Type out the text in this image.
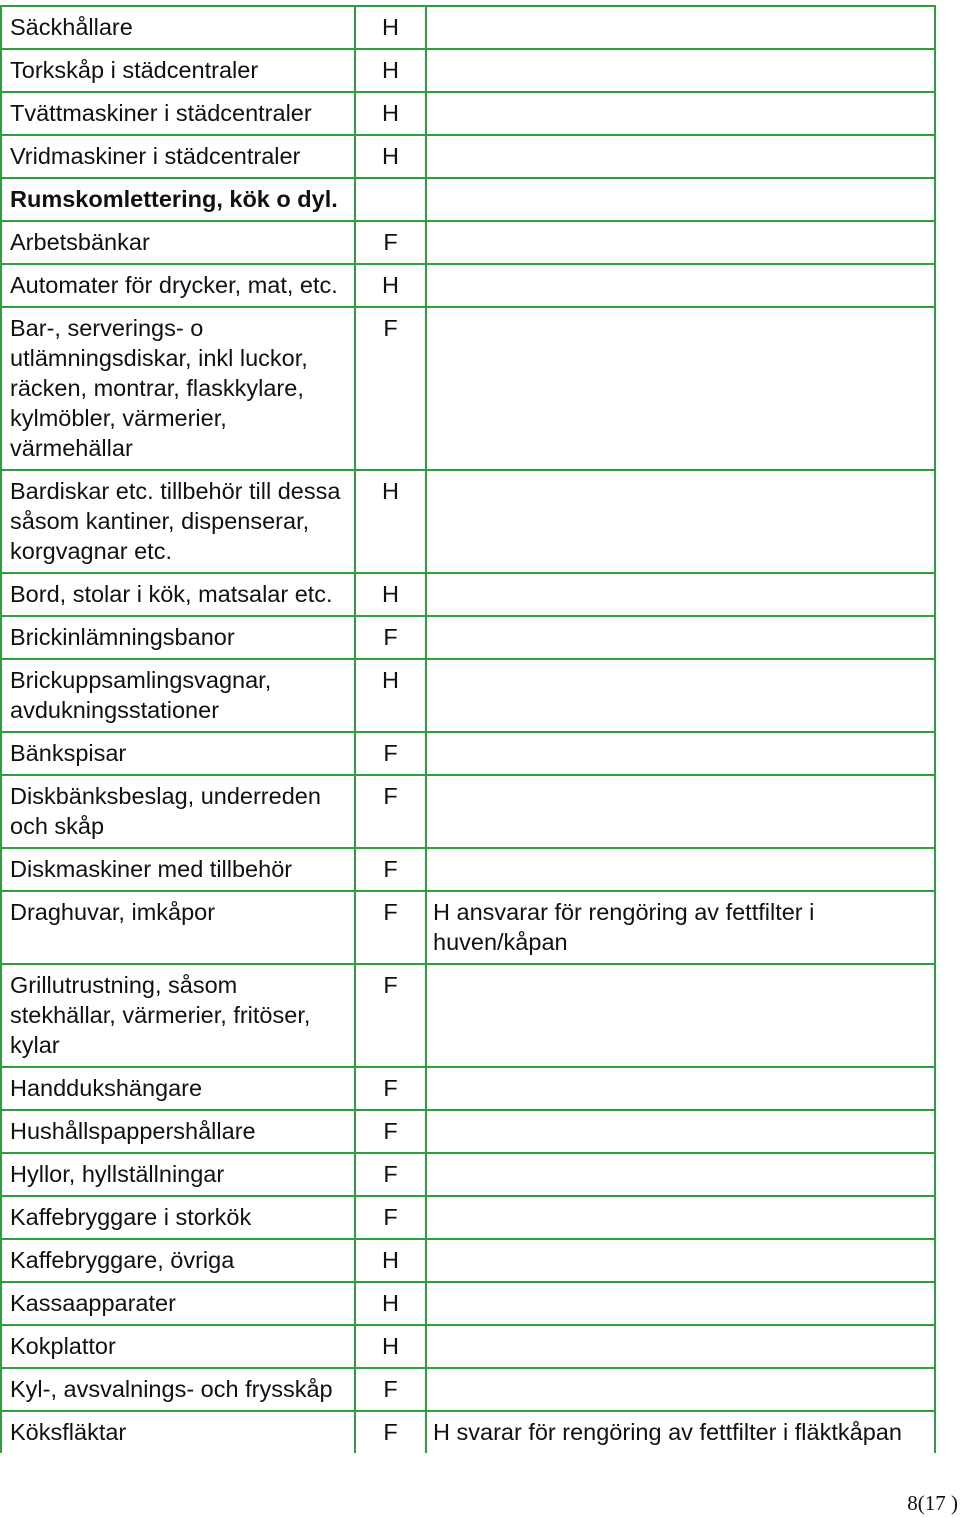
Säckhållare	H	
Torkskåp i städcentraler	H	
Tvättmaskiner i städcentraler	H	
Vridmaskiner i städcentraler	H	
Rumskomlettering, kök o dyl.		
Arbetsbänkar	F	
Automater för drycker, mat, etc.	H	
Bar-, serverings- o utlämningsdiskar, inkl luckor, räcken, montrar, flaskkylare, kylmöbler, värmerier, värmehällar	F	
Bardiskar etc. tillbehör till dessa såsom kantiner, dispenserar, korgvagnar etc.	H	
Bord, stolar i kök, matsalar etc.	H	
Brickinlämningsbanor	F	
Brickuppsamlingsvagnar, avdukningsstationer	H	
Bänkspisar	F	
Diskbänksbeslag, underreden och skåp	F	
Diskmaskiner med tillbehör	F	
Draghuvar, imkåpor	F	H ansvarar för rengöring av fettfilter i huven/kåpan
Grillutrustning, såsom stekhällar, värmerier, fritöser, kylar	F	
Handdukshängare	F	
Hushållspappershållare	F	
Hyllor, hyllställningar	F	
Kaffebryggare i storkök	F	
Kaffebryggare, övriga	H	
Kassaapparater	H	
Kokplattor	H	
Kyl-, avsvalnings- och frysskåp	F	
Köksfläktar	F	H svarar för rengöring av fettfilter i fläktkåpan
8(17 )
